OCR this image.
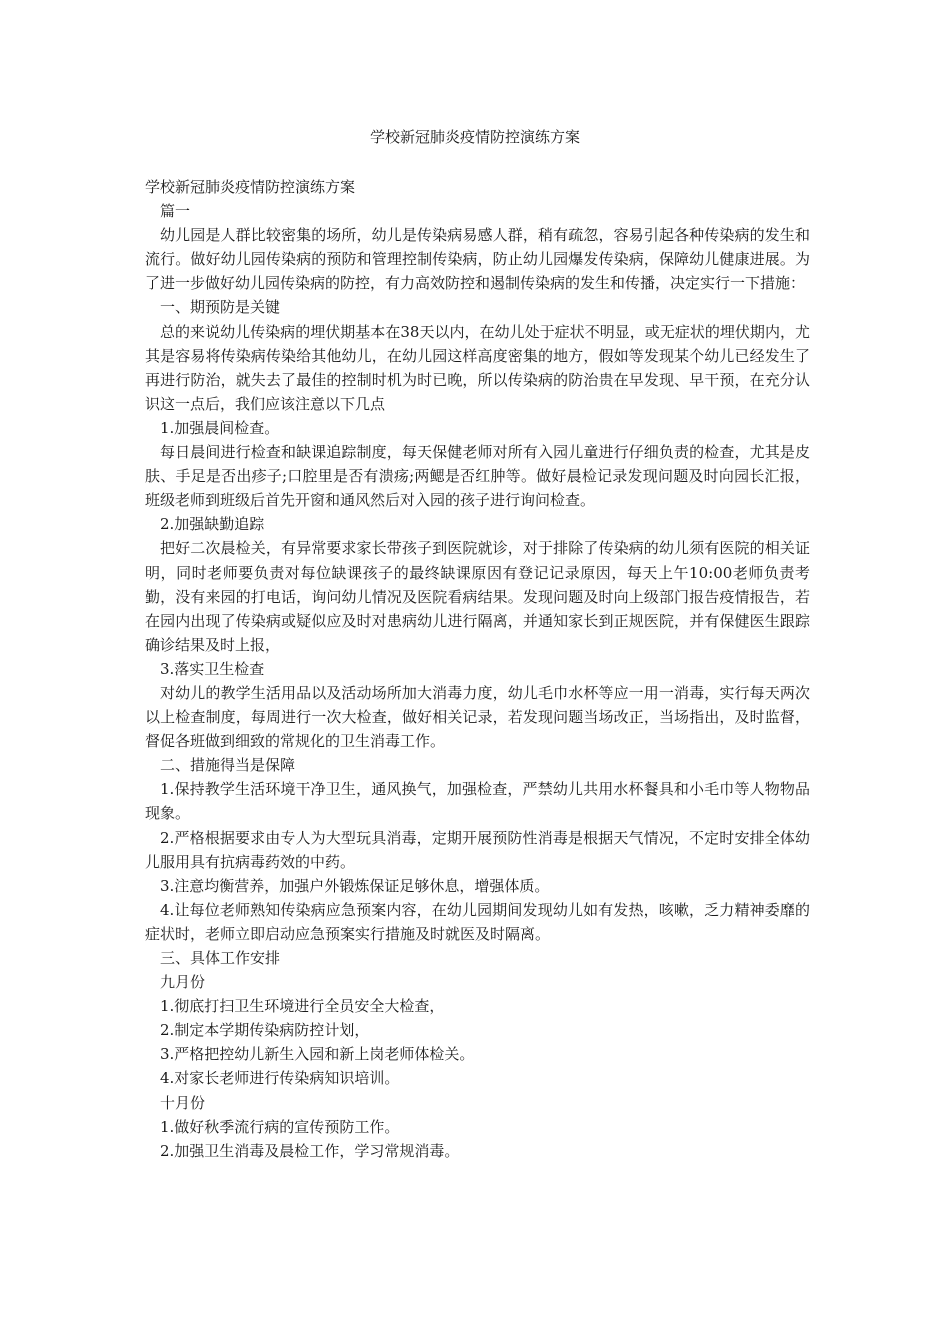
学校新冠肺炎疫情防控演练方案

学校新冠肺炎疫情防控演练方案

篇一

幼儿园是人群比较密集的场所，幼儿是传染病易感人群，稍有疏忽，容易引起各种传染病的发生和流行。做好幼儿园传染病的预防和管理控制传染病，防止幼儿园爆发传染病，保障幼儿健康进展。为了进一步做好幼儿园传染病的防控，有力高效防控和遏制传染病的发生和传播，决定实行一下措施：

一、期预防是关键

总的来说幼儿传染病的埋伏期基本在38天以内，在幼儿处于症状不明显，或无症状的埋伏期内，尤其是容易将传染病传染给其他幼儿，在幼儿园这样高度密集的地方，假如等发现某个幼儿已经发生了再进行防治，就失去了最佳的控制时机为时已晚，所以传染病的防治贵在早发现、早干预，在充分认识这一点后，我们应该注意以下几点

1.加强晨间检查。

每日晨间进行检查和缺课追踪制度，每天保健老师对所有入园儿童进行仔细负责的检查，尤其是皮肤、手足是否出疹子;口腔里是否有溃疡;两鳃是否红肿等。做好晨检记录发现问题及时向园长汇报，班级老师到班级后首先开窗和通风然后对入园的孩子进行询问检查。

2.加强缺勤追踪

把好二次晨检关，有异常要求家长带孩子到医院就诊，对于排除了传染病的幼儿须有医院的相关证明，同时老师要负责对每位缺课孩子的最终缺课原因有登记记录原因，每天上午10:00老师负责考勤，没有来园的打电话，询问幼儿情况及医院看病结果。发现问题及时向上级部门报告疫情报告，若在园内出现了传染病或疑似应及时对患病幼儿进行隔离，并通知家长到正规医院，并有保健医生跟踪确诊结果及时上报，

3.落实卫生检查

对幼儿的教学生活用品以及活动场所加大消毒力度，幼儿毛巾水杯等应一用一消毒，实行每天两次以上检查制度，每周进行一次大检查，做好相关记录，若发现问题当场改正，当场指出，及时监督，督促各班做到细致的常规化的卫生消毒工作。

二、措施得当是保障

1.保持教学生活环境干净卫生，通风换气，加强检查，严禁幼儿共用水杯餐具和小毛巾等人物物品现象。

2.严格根据要求由专人为大型玩具消毒，定期开展预防性消毒是根据天气情况，不定时安排全体幼儿服用具有抗病毒药效的中药。

3.注意均衡营养，加强户外锻炼保证足够休息，增强体质。

4.让每位老师熟知传染病应急预案内容，在幼儿园期间发现幼儿如有发热，咳嗽，乏力精神委靡的症状时，老师立即启动应急预案实行措施及时就医及时隔离。

三、具体工作安排

九月份

1.彻底打扫卫生环境进行全员安全大检查，

2.制定本学期传染病防控计划，

3.严格把控幼儿新生入园和新上岗老师体检关。

4.对家长老师进行传染病知识培训。

十月份

1.做好秋季流行病的宣传预防工作。

2.加强卫生消毒及晨检工作，学习常规消毒。
